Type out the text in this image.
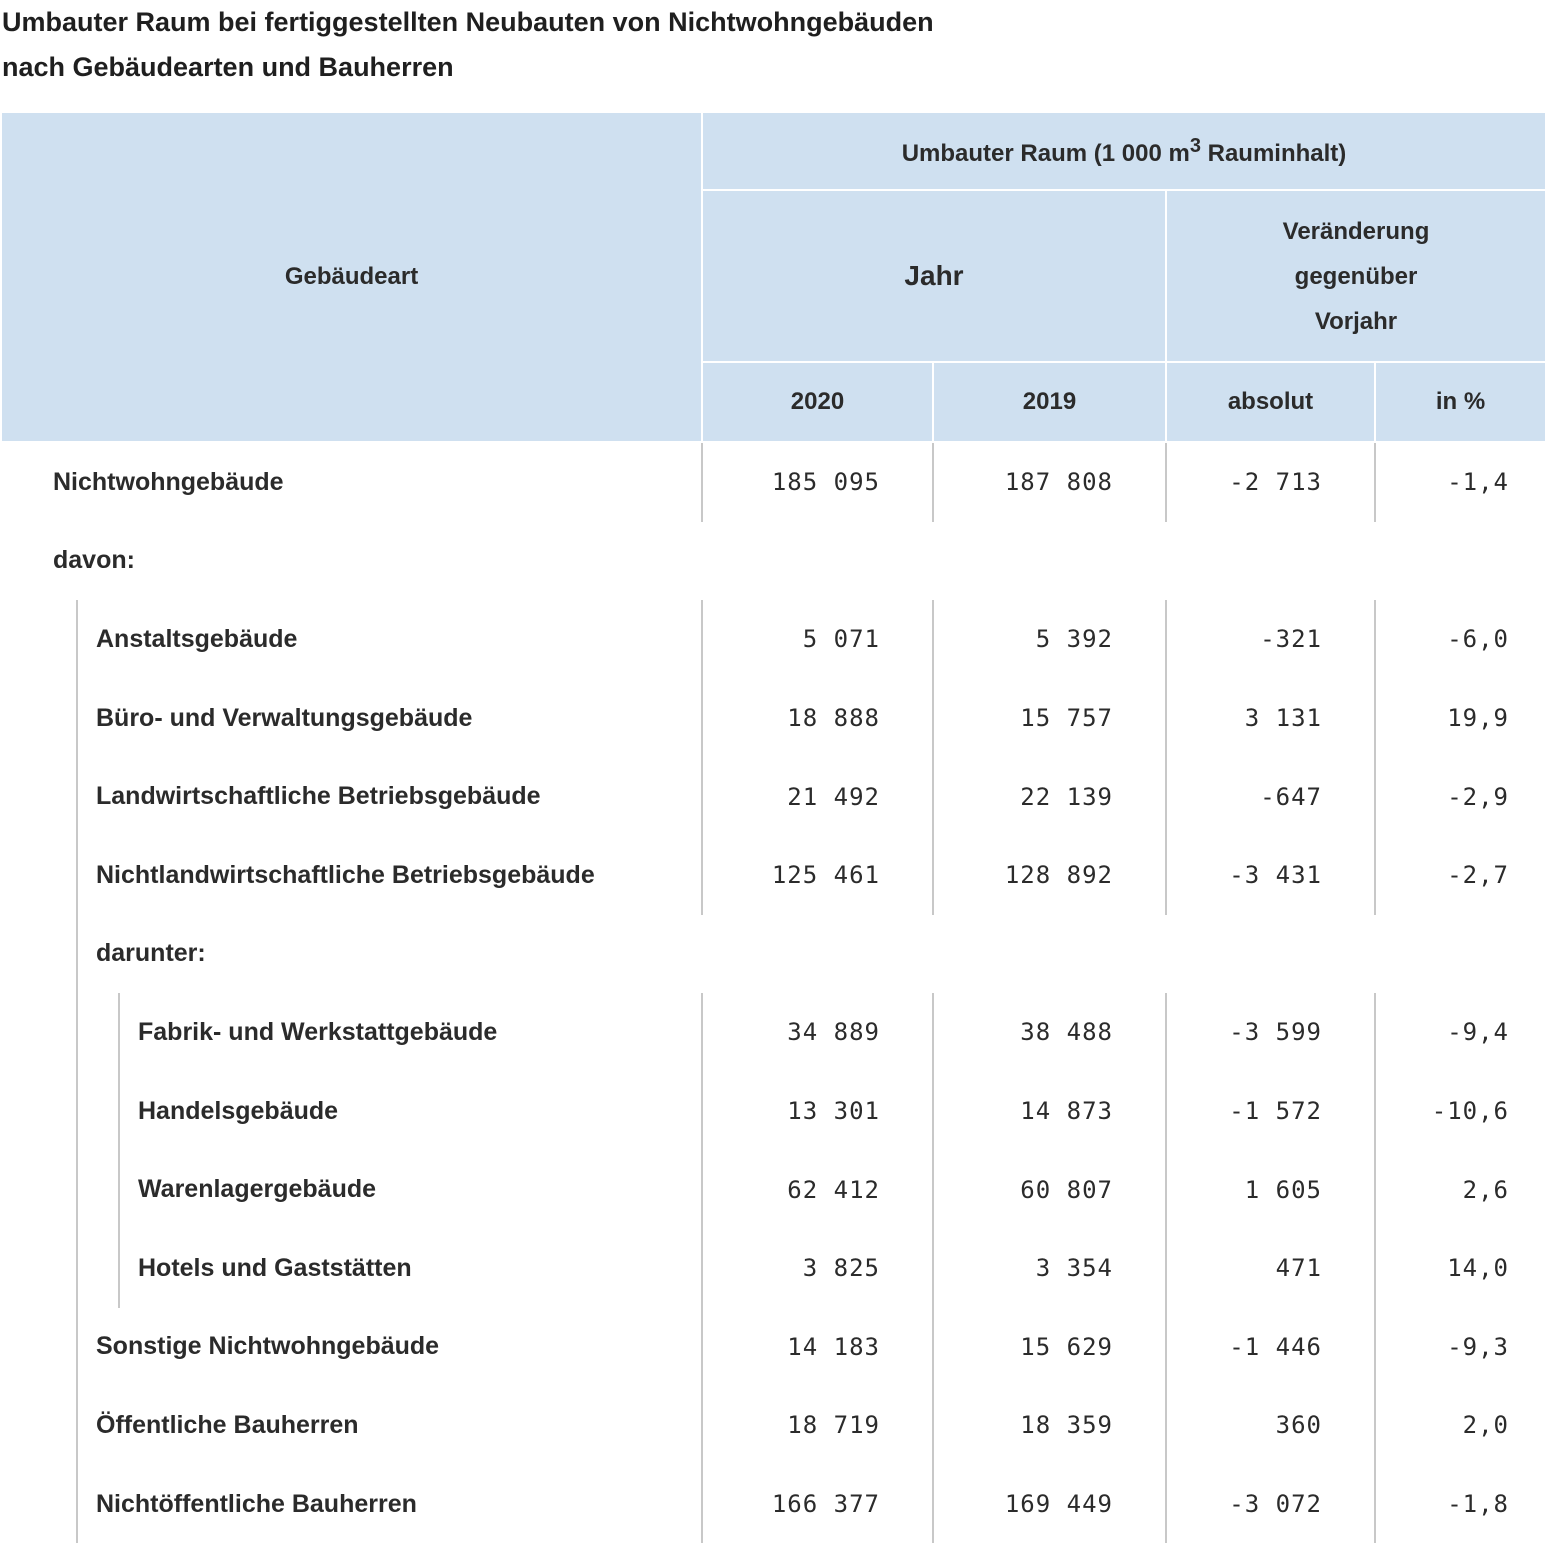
Umbauter Raum bei fertiggestellten Neubauten von Nichtwohngebäuden
nach Gebäudearten und Bauherren
Gebäudeart	Umbauter Raum (1 000 $m^3$ Rauminhalt)			
	Jahr		Veränderung
gegenüber
Vorjahr	

	2020	2019	absolut	in %
Nichtwohngebäude	185 095	187 808	-2 713	-1,4
davon:				

Anstaltsgebäude	5 071	5 392	-321	-6,0

Büro- und Verwaltungsgebäude	18 888	15 757	3 131	19,9

Landwirtschaftliche Betriebsgebäude	21 492	22 139	-647	-2,9

Nichtlandwirtschaftliche Betriebsgebäude	125 461	128 892	-3 431	-2,7

darunter:				

Fabrik- und Werkstattgebäude	34 889	38 488	-3 599	-9,4

Handelsgebäude	13 301	14 873	-1 572	-10,6

Warenlagergebäude	62 412	60 807	1 605	2,6

Hotels und Gaststätten	3 825	3 354	471	14,0

Sonstige Nichtwohngebäude	14 183	15 629	-1 446	-9,3

Öffentliche Bauherren	18 719	18 359	360	2,0

Nichtöffentliche Bauherren	166 377	169 449	-3 072	-1,8
